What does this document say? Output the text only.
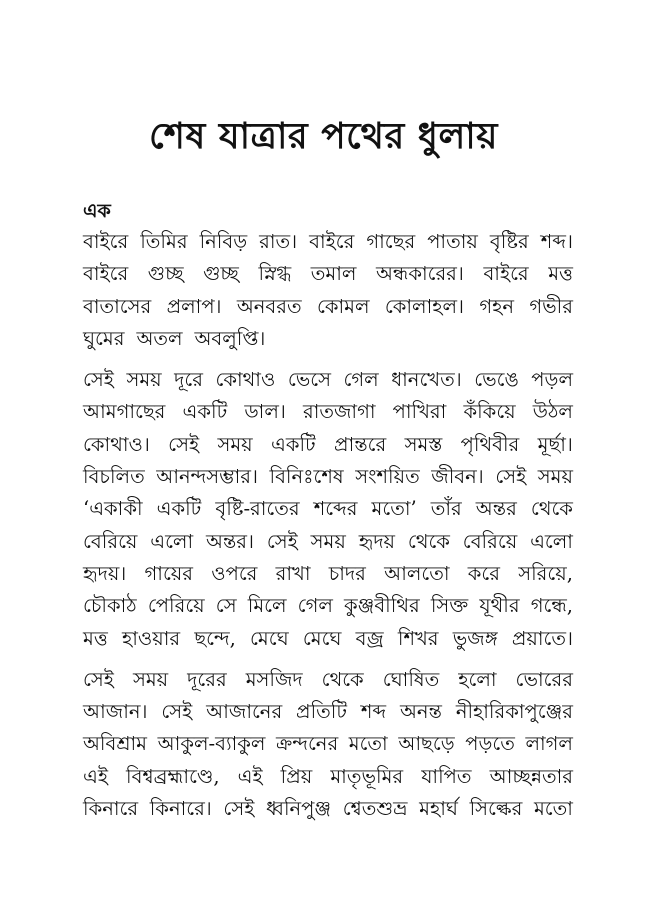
শেষ যাত্রার পথের ধুলায়
এক
বাইরে তিমির নিবিড় রাত। বাইরে গাছের পাতায় বৃষ্টির শব্দ।
বাইরে গুচ্ছ গুচ্ছ স্নিগ্ধ তমাল অন্ধকারের। বাইরে মত্ত
বাতাসের প্রলাপ। অনবরত কোমল কোলাহল। গহন গভীর
ঘুমের অতল অবলুপ্তি।
সেই সময় দূরে কোথাও ভেসে গেল ধানখেত। ভেঙে পড়ল
আমগাছের একটি ডাল। রাতজাগা পাখিরা কঁকিয়ে উঠল
কোথাও। সেই সময় একটি প্রান্তরে সমস্ত পৃথিবীর মূর্ছা।
বিচলিত আনন্দসম্ভার। বিনিঃশেষ সংশয়িত জীবন। সেই সময়
‘একাকী একটি বৃষ্টি-রাতের শব্দের মতো’ তাঁর অন্তর থেকে
বেরিয়ে এলো অন্তর। সেই সময় হৃদয় থেকে বেরিয়ে এলো
হৃদয়। গায়ের ওপরে রাখা চাদর আলতো করে সরিয়ে,
চৌকাঠ পেরিয়ে সে মিলে গেল কুঞ্জবীথির সিক্ত যূথীর গন্ধে,
মত্ত হাওয়ার ছন্দে, মেঘে মেঘে বজ্র শিখর ভুজঙ্গ প্রয়াতে।
সেই সময় দূরের মসজিদ থেকে ঘোষিত হলো ভোরের
আজান। সেই আজানের প্রতিটি শব্দ অনন্ত নীহারিকাপুঞ্জের
অবিশ্রাম আকুল-ব্যাকুল ক্রন্দনের মতো আছড়ে পড়তে লাগল
এই বিশ্বব্রহ্মাণ্ডে, এই প্রিয় মাতৃভূমির যাপিত আচ্ছন্নতার
কিনারে কিনারে। সেই ধ্বনিপুঞ্জ শ্বেতশুভ্র মহার্ঘ সিল্কের মতো
